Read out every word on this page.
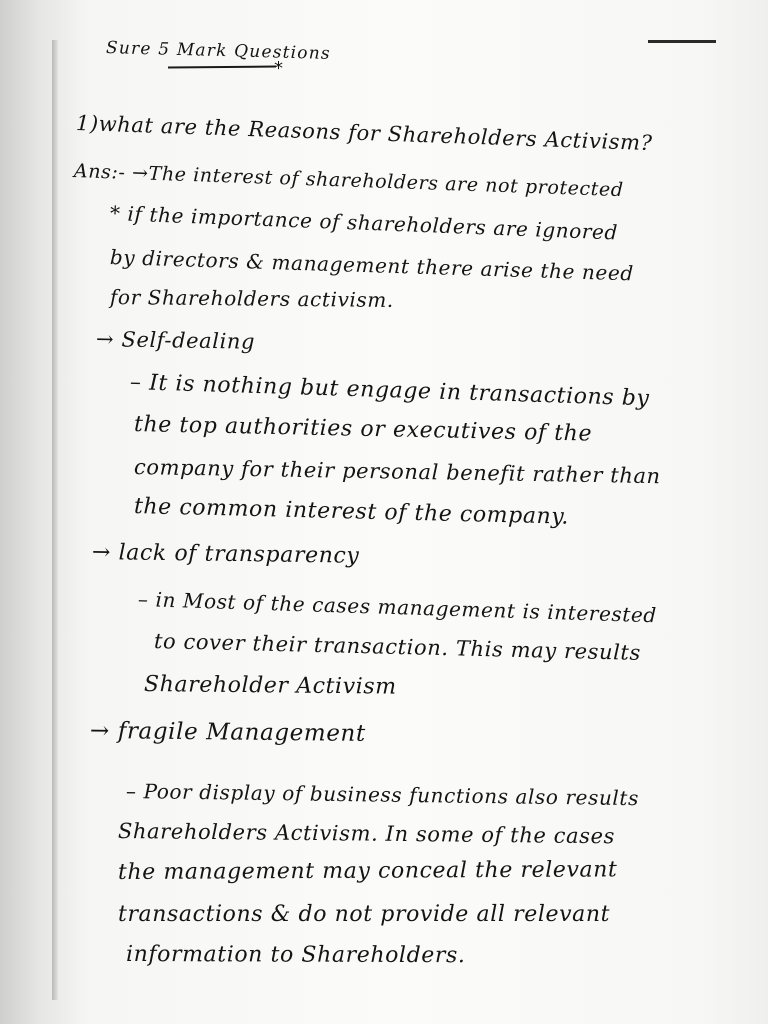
Sure 5 Mark Questions
*
1)what are the Reasons for Shareholders Activism?
Ans:- →The interest of shareholders are not protected
* if the importance of shareholders are ignored
by directors & management there arise the need
for Shareholders activism.
→ Self-dealing
– It is nothing but engage in transactions by
the top authorities or executives of the
company for their personal benefit rather than
the common interest of the company.
→ lack of transparency
– in Most of the cases management is interested
to cover their transaction. This may results
Shareholder Activism
→ fragile Management
– Poor display of business functions also results
Shareholders Activism. In some of the cases
the management may conceal the relevant
transactions & do not provide all relevant
information to Shareholders.
